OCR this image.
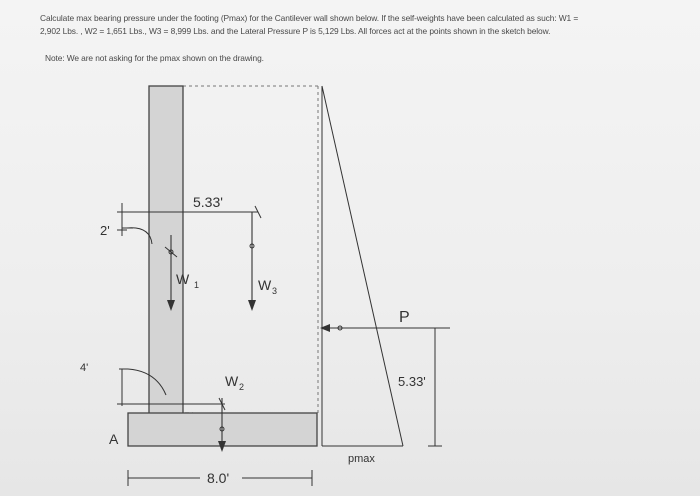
Calculate max bearing pressure under the footing (Pmax) for the Cantilever wall shown below. If the self-weights have been calculated as such: W1 =

2,902 Lbs. , W2 = 1,651 Lbs., W3 = 8,999 Lbs. and the Lateral Pressure P is 5,129 Lbs. All forces act at the points shown in the sketch below.

Note: We are not asking for the pmax shown on the drawing.
2'
5.33'
W 1	W 3
4'
W 2
A
8.0'
pmax
P
5.33'
